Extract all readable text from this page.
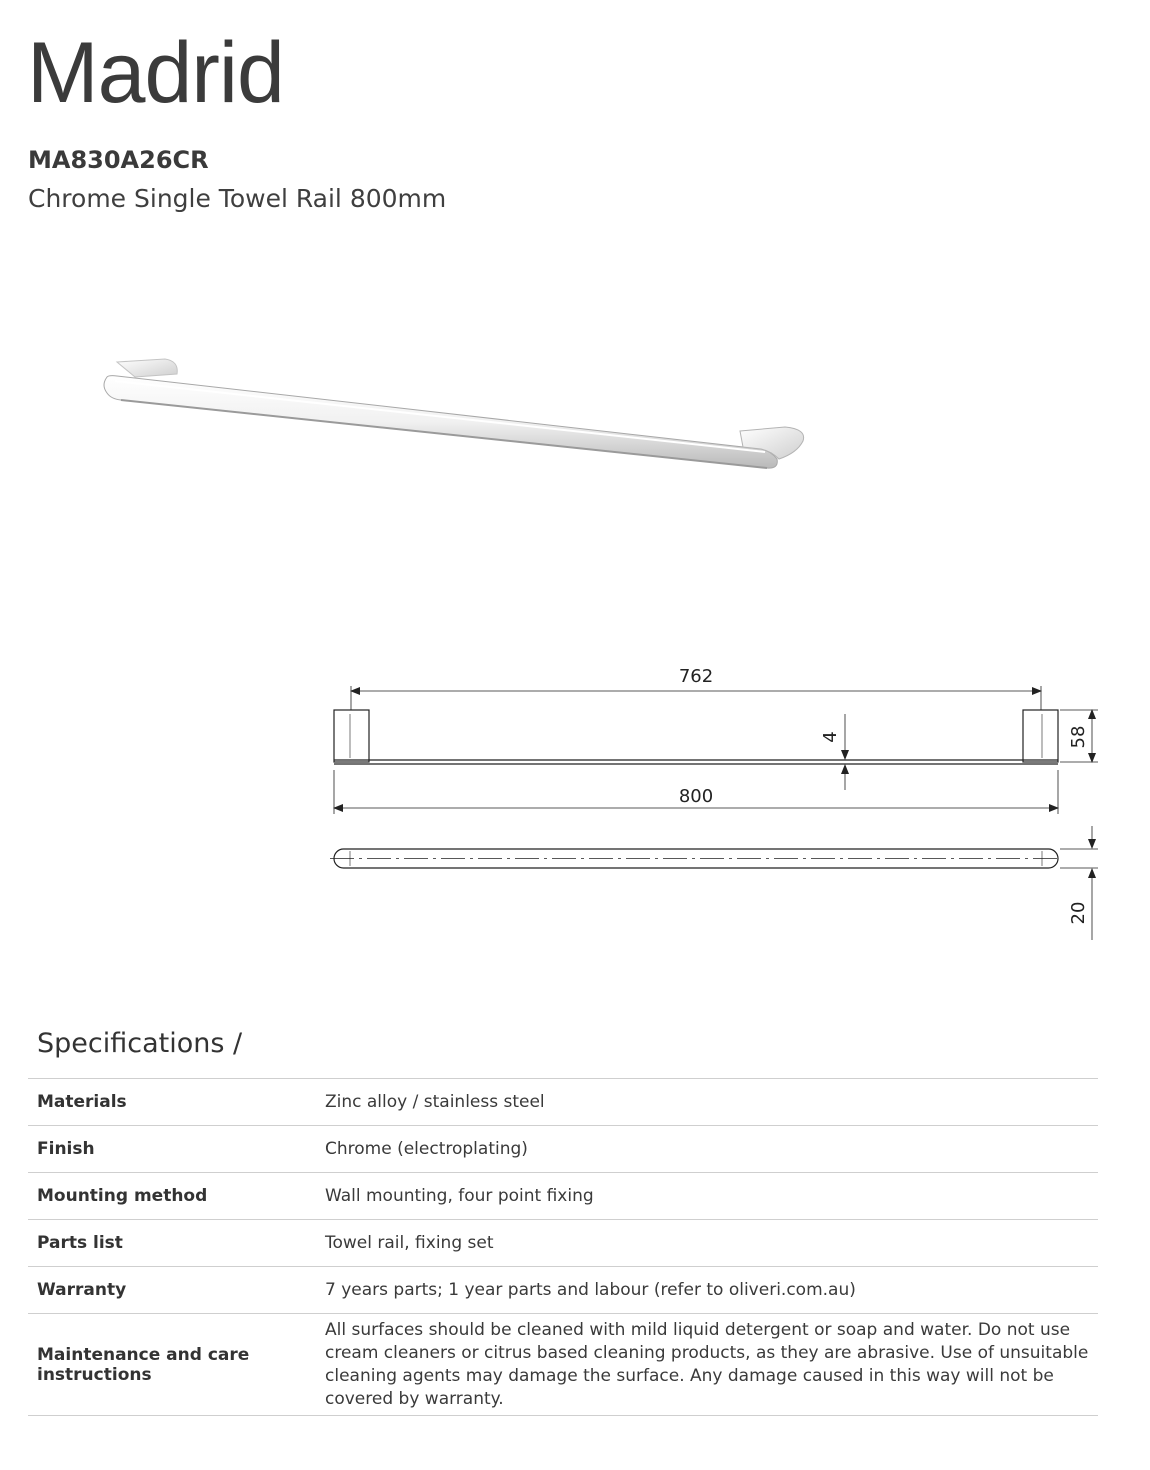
Madrid
MA830A26CR

Chrome Single Towel Rail 800mm

762
800
4	58
20
Specifications /
Materials	Zinc alloy / stainless steel
Finish	Chrome (electroplating)
Mounting method	Wall mounting, four point fixing
Parts list	Towel rail, fixing set
Warranty	7 years parts; 1 year parts and labour (refer to oliveri.com.au)
Maintenance and care instructions	All surfaces should be cleaned with mild liquid detergent or soap and water. Do not use cream cleaners or citrus based cleaning products, as they are abrasive. Use of unsuitable cleaning agents may damage the surface. Any damage caused in this way will not be covered by warranty.
